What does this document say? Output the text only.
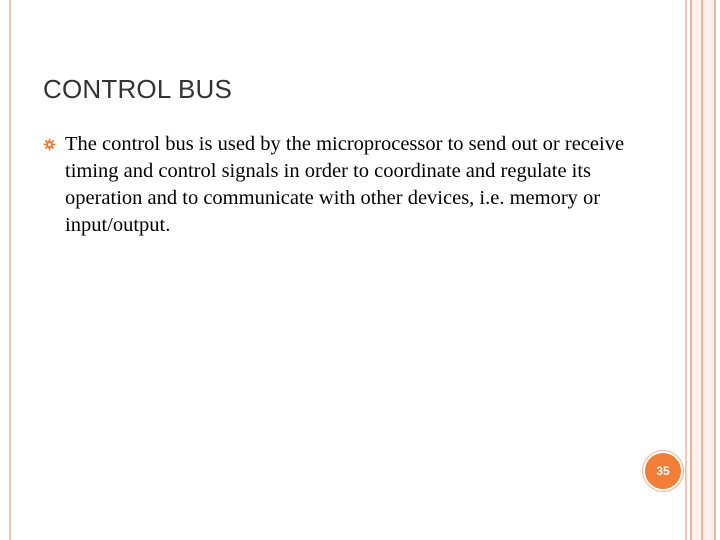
CONTROL BUS

The control bus is used by the microprocessor to send out or receive timing and control signals in order to coordinate and regulate its operation and to communicate with other devices, i.e. memory or input/output.

35
